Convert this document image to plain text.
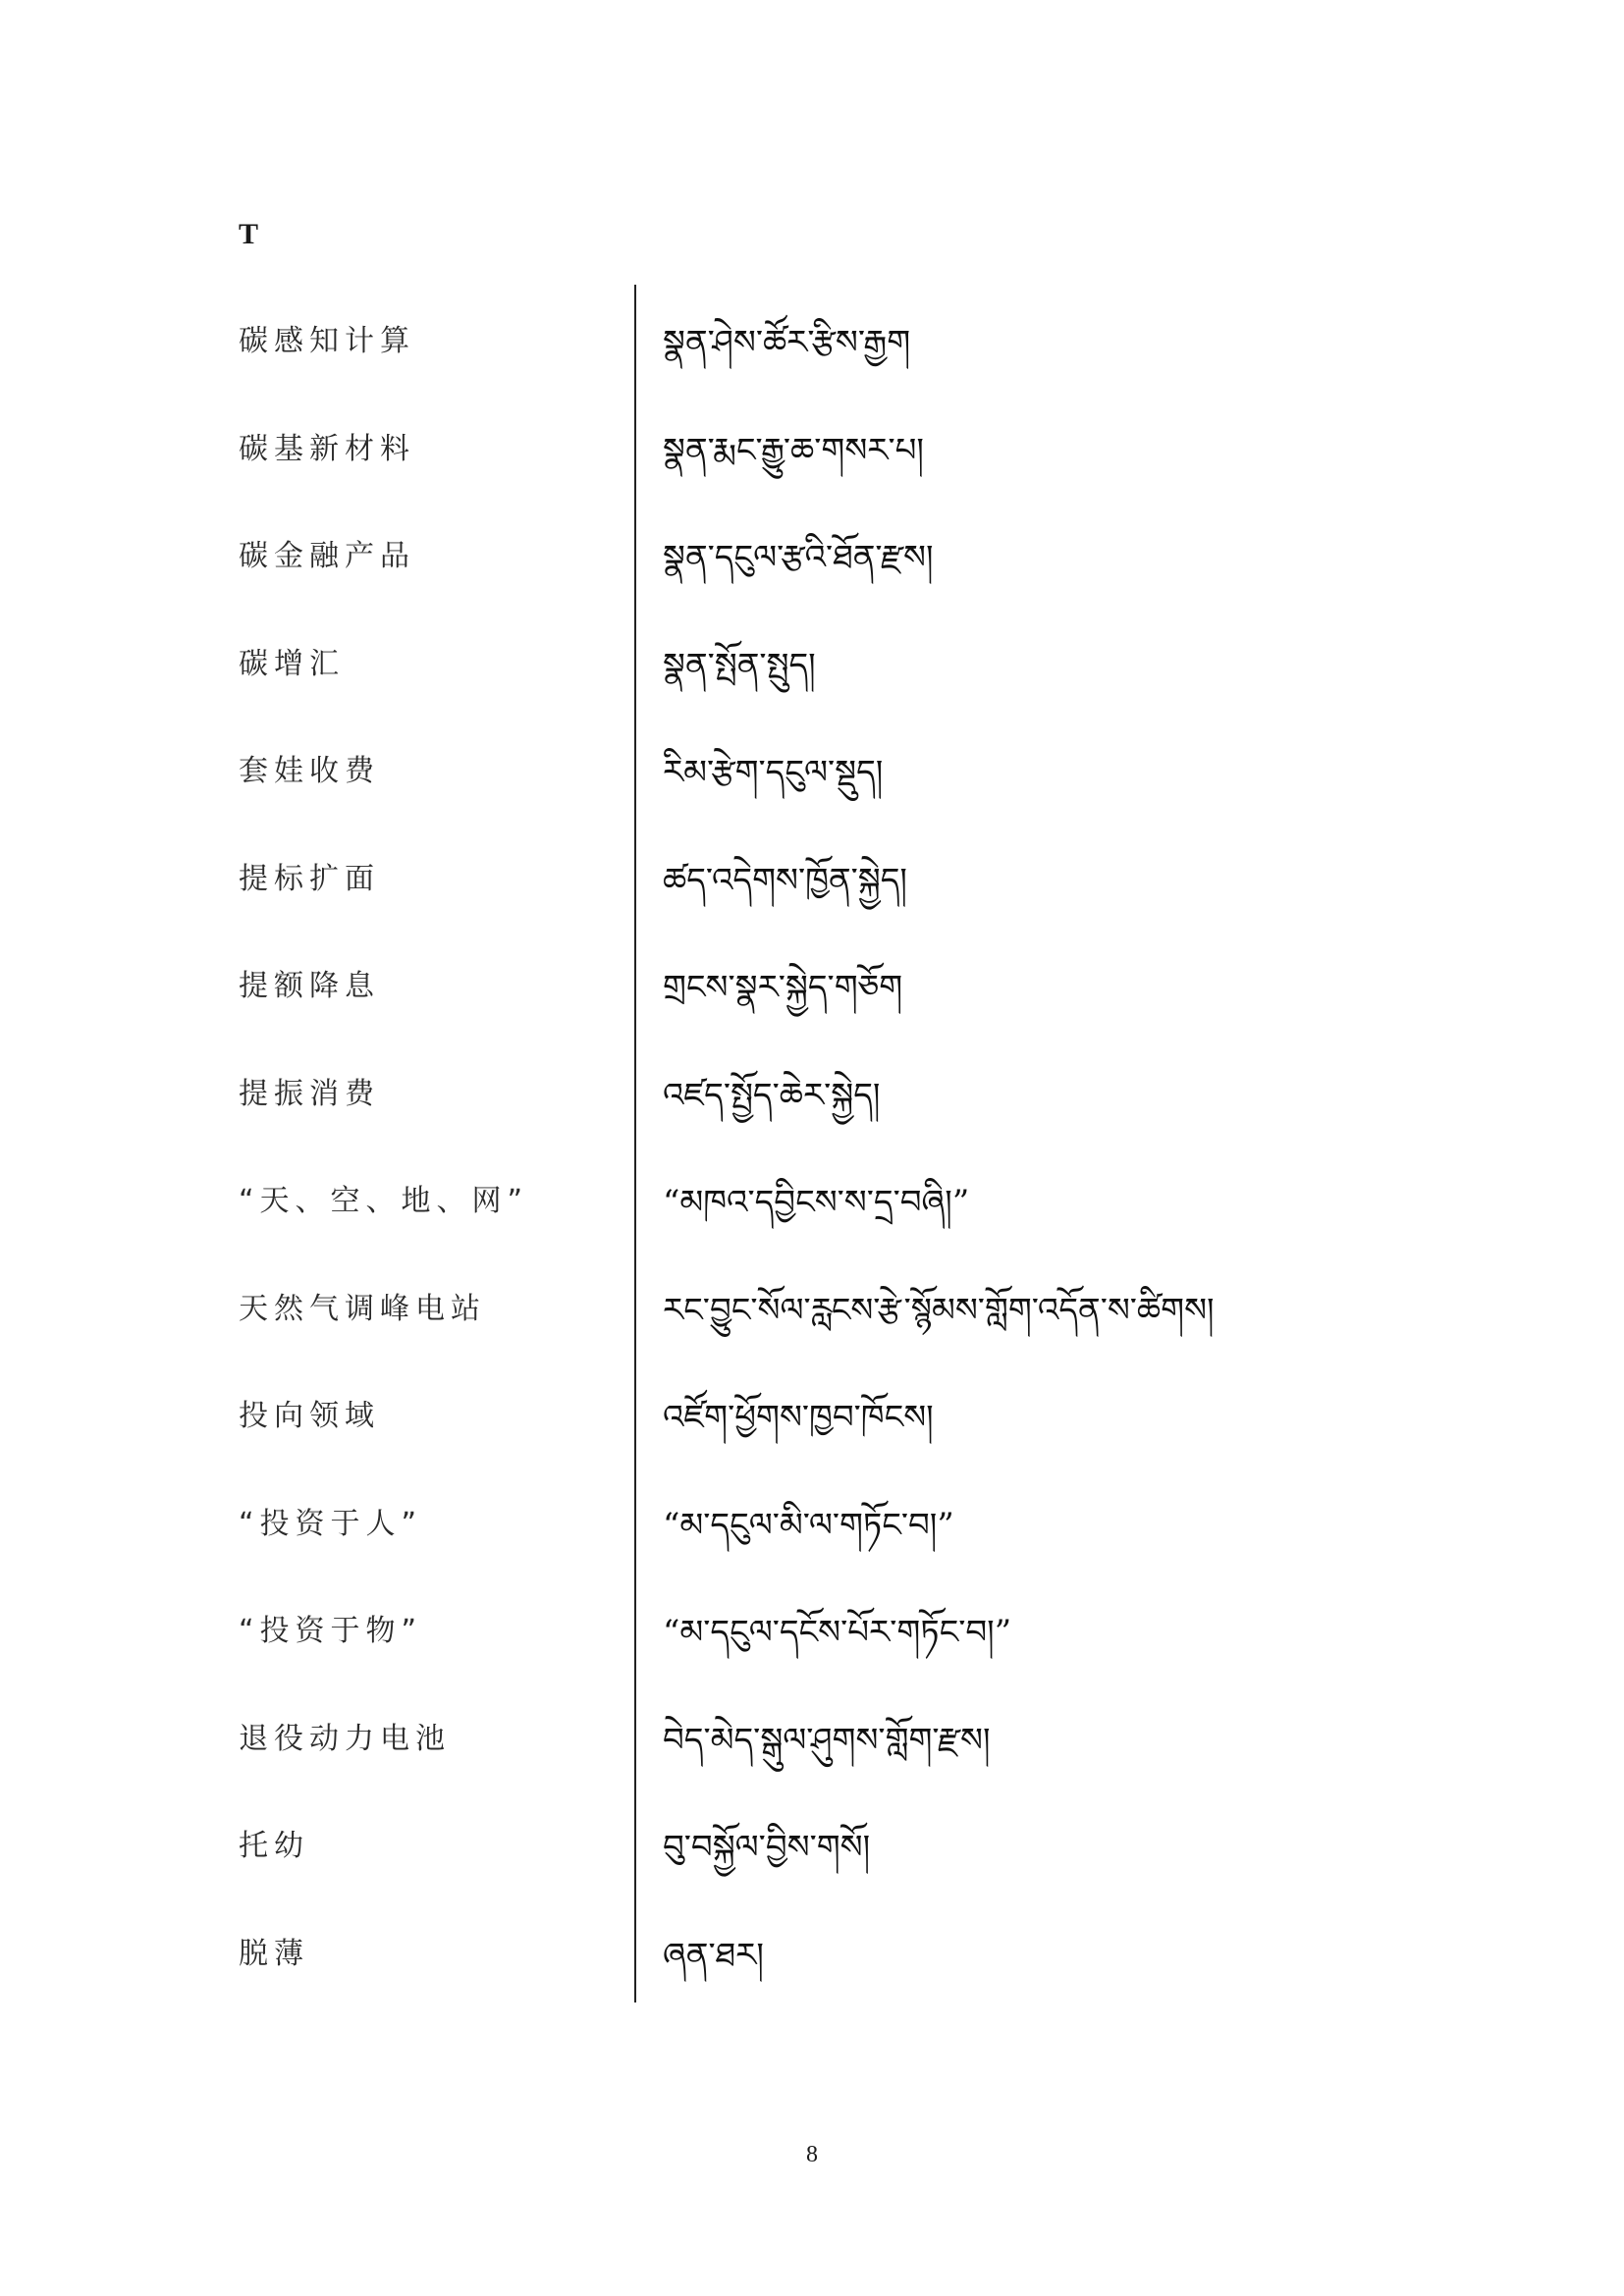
T
碳感知计算	སྣན་ཤེས་ཚོར་རྩིས་རྒྱག
碳基新材料	སྣན་རྨང་རྒྱུ་ཆ་གསར་པ།
碳金融产品	སྣན་དངུལ་རྩའི་ཐོན་རྫས།
碳增汇	སྣན་སྤོན་སྤུད།
套娃收费	རིམ་རྩེག་དངུལ་སྡུད།
提标扩面	ཚད་འདེགས་ཁྱོན་སྐྱེད།
提额降息	གྲངས་སྣར་སྐྱེད་གཅོག
提振消费	འཛད་སྤྱོད་ཆེར་སྐྱེད།
“天、空、地、网”	“མཁའ་དབྱིངས་ས་དྲ་བཞི།”
天然气调峰电站	རང་བྱུང་སོལ་རླངས་རྩེ་སྙོམས་གློག་འདོན་ས་ཚིགས།
投向领域	འཛོག་ཕྱོགས་ཁྱབ་ཁོངས།
“投资于人”	“མ་དངུལ་མི་ལ་གཏོང་བ།”
“投资于物”	“མ་དངུལ་དངོས་པོར་གཏོང་བ།”
退役动力电池	བེད་མེད་སྒུལ་ཤུགས་གློག་རྫས།
托幼	བུ་བསྐྱོལ་བྱིས་གསོ།
脱薄	ཞན་ཐར།
8
